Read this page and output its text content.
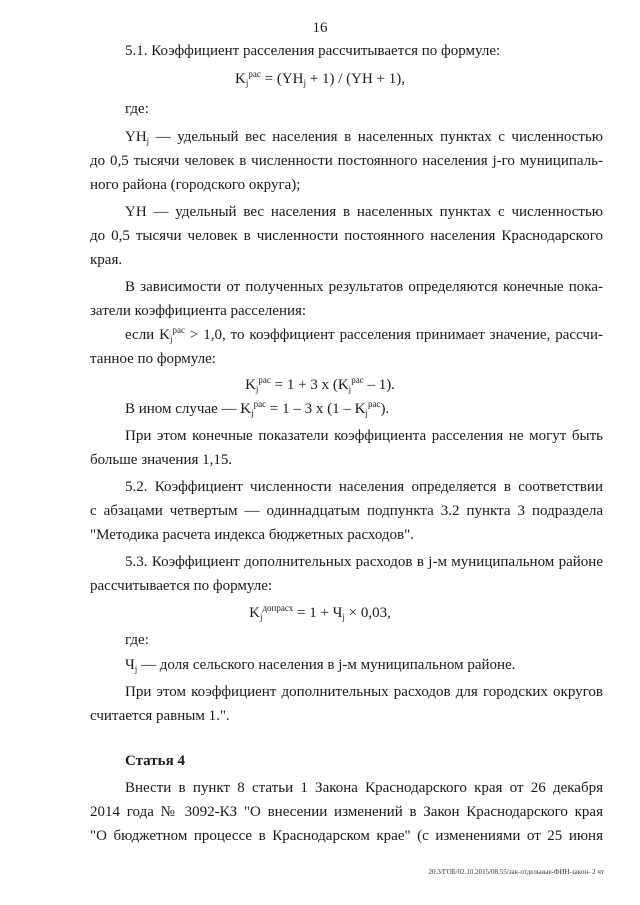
16
5.1. Коэффициент расселения рассчитывается по формуле:
$K_j^{рас} = (YH_j + 1) / (YH + 1)$,
где:
$YH_j$ — удельный вес населения в населенных пунктах с численностью
до 0,5 тысячи человек в численности постоянного населения j-го муниципаль-
ного района (городского округа);
YH — удельный вес населения в населенных пунктах с численностью
до 0,5 тысячи человек в численности постоянного населения Краснодарского
края.
В зависимости от полученных результатов определяются конечные пока-
затели коэффициента расселения:
если $K_j^{рас} > 1,0$, то коэффициент расселения принимает значение, рассчи-
танное по формуле:
$K_j^{рас} = 1 + 3$ x $(K_j^{рас} - 1)$.
В ином случае — $K_j^{рас} = 1 - 3$ x $(1 - K_j^{рас})$.
При этом конечные показатели коэффициента расселения не могут быть
больше значения 1,15.
5.2. Коэффициент численности населения определяется в соответствии
с абзацами четвертым — одиннадцатым подпункта 3.2 пункта 3 подраздела
"Методика расчета индекса бюджетных расходов".
5.3. Коэффициент дополнительных расходов в j-м муниципальном районе
рассчитывается по формуле:
$K_j^{допрасх} = 1 + Ч_j \times 0,03$,
где:
$Ч_j$ — доля сельского населения в j-м муниципальном районе.
При этом коэффициент дополнительных расходов для городских округов
считается равным 1.".
Статья 4
Внести в пункт 8 статьи 1 Закона Краснодарского края от 26 декабря
2014 года № 3092-КЗ "О внесении изменений в Закон Краснодарского края
"О бюджетном процессе в Краснодарском крае" (с изменениями от 25 июня
20.3/ГОБ/02.10.2015/08.55/зак-отдельные-ФИН-закон- 2 чт
